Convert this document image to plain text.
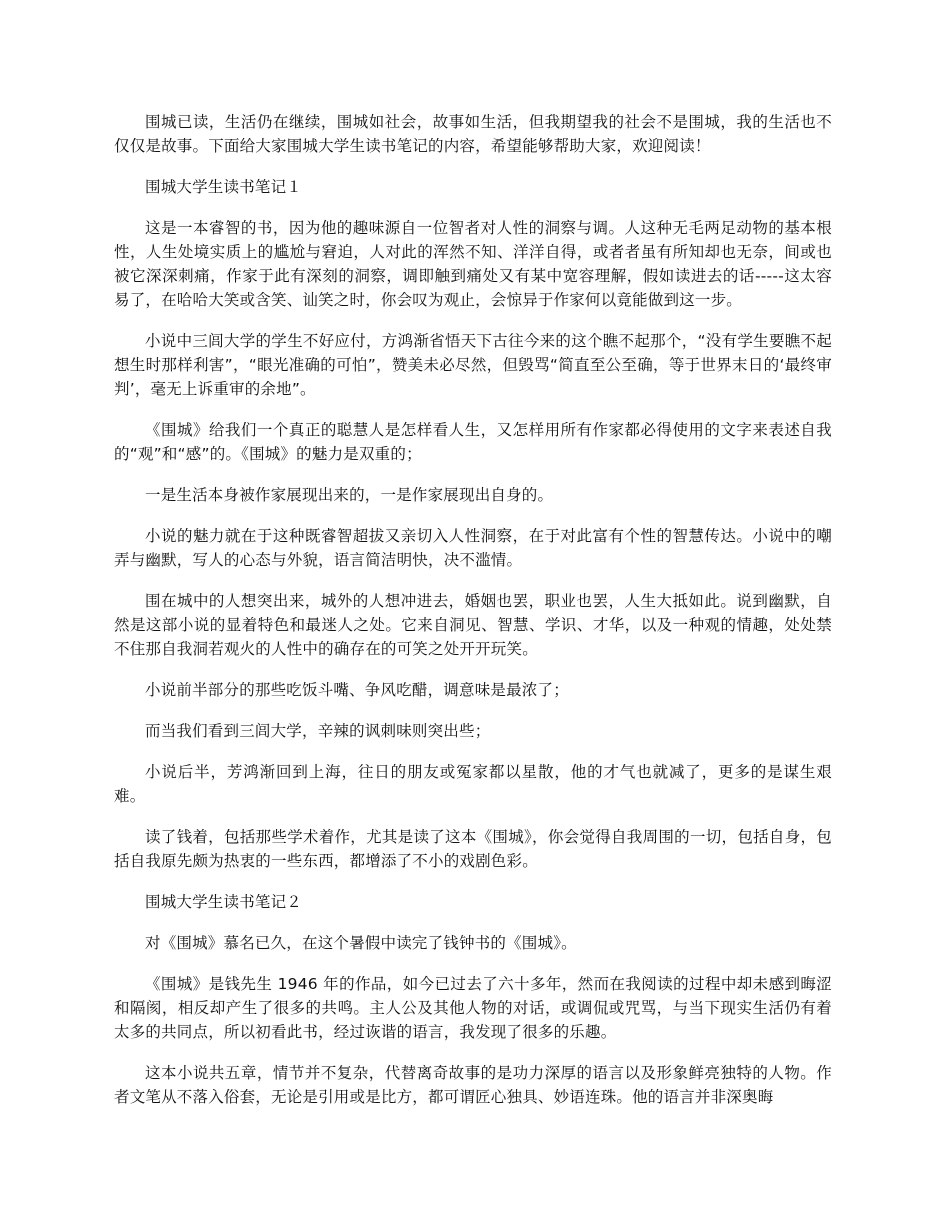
围城已读，生活仍在继续，围城如社会，故事如生活，但我期望我的社会不是围城，我的生活也不仅仅是故事。下面给大家围城大学生读书笔记的内容，希望能够帮助大家，欢迎阅读！

围城大学生读书笔记１

这是一本睿智的书，因为他的趣味源自一位智者对人性的洞察与调。人这种无毛两足动物的基本根性，人生处境实质上的尴尬与窘迫，人对此的浑然不知、洋洋自得，或者者虽有所知却也无奈，间或也被它深深刺痛，作家于此有深刻的洞察，调即触到痛处又有某中宽容理解，假如读进去的话-----这太容易了，在哈哈大笑或含笑、讪笑之时，你会叹为观止，会惊异于作家何以竟能做到这一步。

小说中三闾大学的学生不好应付，方鸿渐省悟天下古往今来的这个瞧不起那个，“没有学生要瞧不起想生时那样利害”，“眼光准确的可怕”，赞美未必尽然，但毁骂“简直至公至确，等于世界末日的‘最终审判’，毫无上诉重审的余地”。

《围城》给我们一个真正的聪慧人是怎样看人生，又怎样用所有作家都必得使用的文字来表述自我的“观”和“感”的。《围城》的魅力是双重的；

一是生活本身被作家展现出来的，一是作家展现出自身的。

小说的魅力就在于这种既睿智超拔又亲切入人性洞察，在于对此富有个性的智慧传达。小说中的嘲弄与幽默，写人的心态与外貌，语言简洁明快，决不滥情。

围在城中的人想突出来，城外的人想冲进去，婚姻也罢，职业也罢，人生大抵如此。说到幽默，自然是这部小说的显着特色和最迷人之处。它来自洞见、智慧、学识、才华，以及一种观的情趣，处处禁不住那自我洞若观火的人性中的确存在的可笑之处开开玩笑。

小说前半部分的那些吃饭斗嘴、争风吃醋，调意味是最浓了；

而当我们看到三闾大学，辛辣的讽刺味则突出些；

小说后半，芳鸿渐回到上海，往日的朋友或冤家都以星散，他的才气也就减了，更多的是谋生艰难。

读了钱着，包括那些学术着作，尤其是读了这本《围城》，你会觉得自我周围的一切，包括自身，包括自我原先颇为热衷的一些东西，都增添了不小的戏剧色彩。

围城大学生读书笔记２

对《围城》慕名已久，在这个暑假中读完了钱钟书的《围城》。

《围城》是钱先生 1946 年的作品，如今已过去了六十多年，然而在我阅读的过程中却未感到晦涩和隔阂，相反却产生了很多的共鸣。主人公及其他人物的对话，或调侃或咒骂，与当下现实生活仍有着太多的共同点，所以初看此书，经过诙谐的语言，我发现了很多的乐趣。

这本小说共五章，情节并不复杂，代替离奇故事的是功力深厚的语言以及形象鲜亮独特的人物。作者文笔从不落入俗套，无论是引用或是比方，都可谓匠心独具、妙语连珠。他的语言并非深奥晦
